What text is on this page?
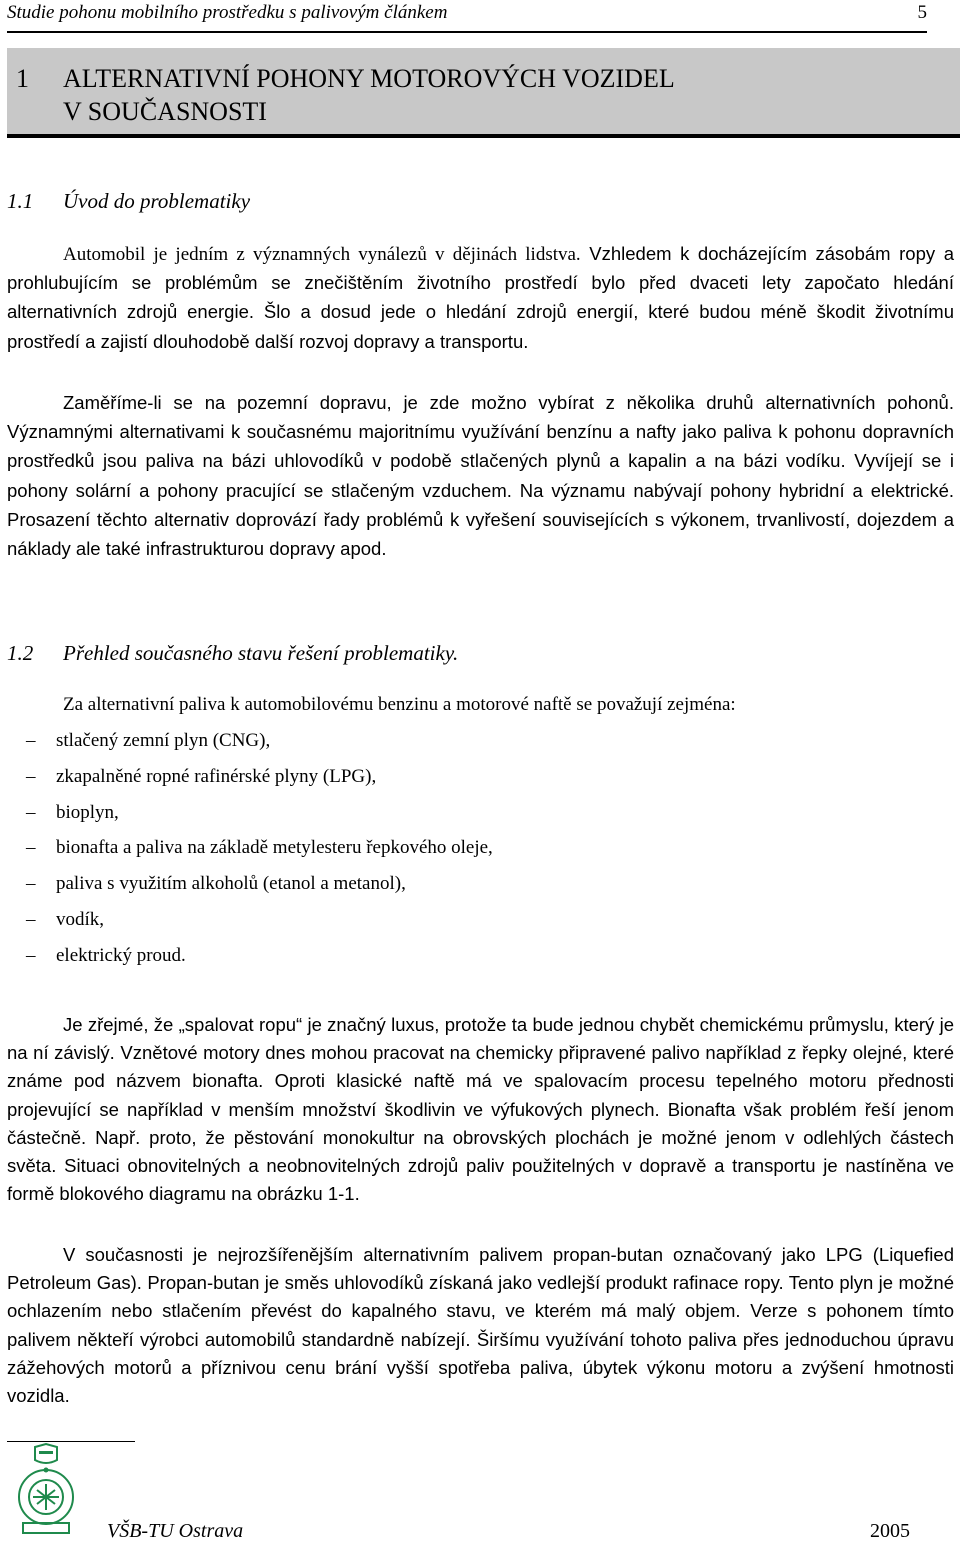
Studie pohonu mobilního prostředku s palivovým článkem	5
1 ALTERNATIVNÍ POHONY MOTOROVÝCH VOZIDEL
V SOUČASNOSTI
1.1 Úvod do problematiky
Automobil je jedním z významných vynálezů v dějinách lidstva. Vzhledem k docházejícím zásobám ropy a prohlubujícím se problémům se znečištěním životního prostředí bylo před dvaceti lety započato hledání alternativních zdrojů energie. Šlo a dosud jede o hledání zdrojů energií, které budou méně škodit životnímu prostředí a zajistí dlouhodobě další rozvoj dopravy a transportu.
Zaměříme-li se na pozemní dopravu, je zde možno vybírat z několika druhů alternativních pohonů. Významnými alternativami k současnému majoritnímu využívání benzínu a nafty jako paliva k pohonu dopravních prostředků jsou paliva na bázi uhlovodíků v podobě stlačených plynů a kapalin a na bázi vodíku. Vyvíjejí se i pohony solární a pohony pracující se stlačeným vzduchem. Na významu nabývají pohony hybridní a elektrické. Prosazení těchto alternativ doprovází řady problémů k vyřešení souvisejících s výkonem, trvanlivostí, dojezdem a náklady ale také infrastrukturou dopravy apod.
1.2 Přehled současného stavu řešení problematiky.
Za alternativní paliva k automobilovému benzinu a motorové naftě se považují zejména:
– stlačený zemní plyn (CNG),
– zkapalněné ropné rafinérské plyny (LPG),
– bioplyn,
– bionafta a paliva na základě metylesteru řepkového oleje,
– paliva s využitím alkoholů (etanol a metanol),
– vodík,
– elektrický proud.
Je zřejmé, že „spalovat ropu“ je značný luxus, protože ta bude jednou chybět chemickému průmyslu, který je na ní závislý. Vznětové motory dnes mohou pracovat na chemicky připravené palivo například z řepky olejné, které známe pod názvem bionafta. Oproti klasické naftě má ve spalovacím procesu tepelného motoru přednosti projevující se například v menším množství škodlivin ve výfukových plynech. Bionafta však problém řeší jenom částečně. Např. proto, že pěstování monokultur na obrovských plochách je možné jenom v odlehlých částech světa. Situaci obnovitelných a neobnovitelných zdrojů paliv použitelných v dopravě a transportu je nastíněna ve formě blokového diagramu na obrázku 1-1.
V současnosti je nejrozšířenějším alternativním palivem propan-butan označovaný jako LPG (Liquefied Petroleum Gas). Propan-butan je směs uhlovodíků získaná jako vedlejší produkt rafinace ropy. Tento plyn je možné ochlazením nebo stlačením převést do kapalného stavu, ve kterém má malý objem. Verze s pohonem tímto palivem někteří výrobci automobilů standardně nabízejí. Širšímu využívání tohoto paliva přes jednoduchou úpravu zážehových motorů a příznivou cenu brání vyšší spotřeba paliva, úbytek výkonu motoru a zvýšení hmotnosti vozidla.
VŠB-TU Ostrava	2005
